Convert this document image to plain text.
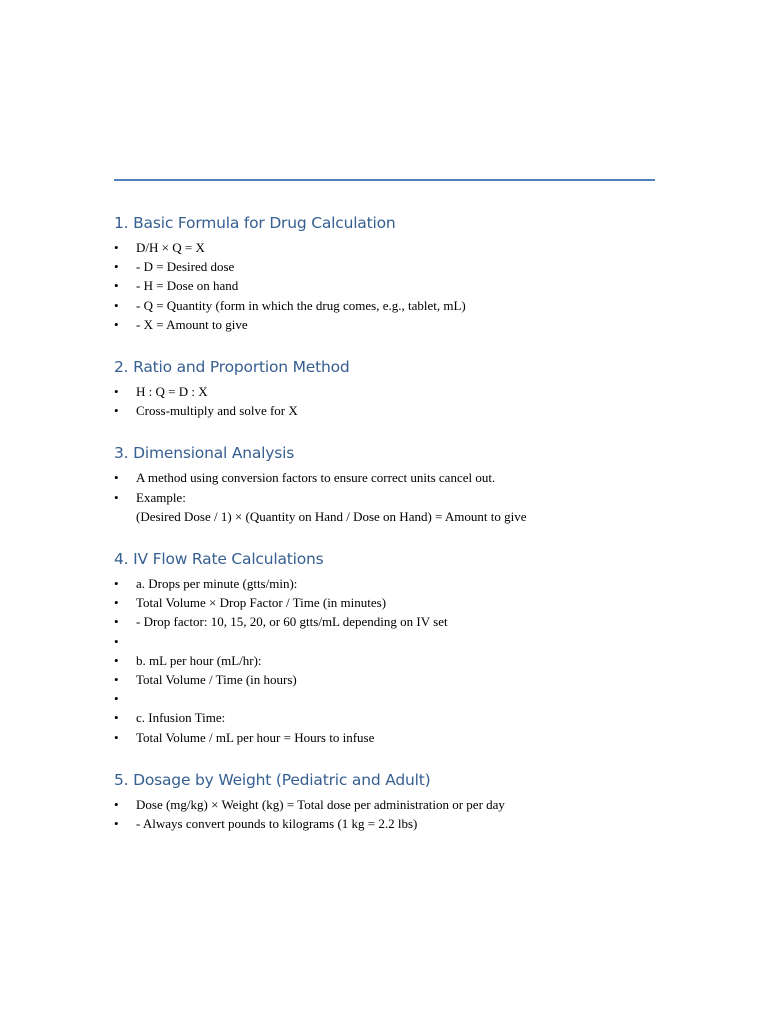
1. Basic Formula for Drug Calculation
• D/H × Q = X
• - D = Desired dose
• - H = Dose on hand
• - Q = Quantity (form in which the drug comes, e.g., tablet, mL)
• - X = Amount to give
2. Ratio and Proportion Method
• H : Q = D : X
• Cross-multiply and solve for X
3. Dimensional Analysis
• A method using conversion factors to ensure correct units cancel out.
• Example:
(Desired Dose / 1) × (Quantity on Hand / Dose on Hand) = Amount to give
4. IV Flow Rate Calculations
• a. Drops per minute (gtts/min):
• Total Volume × Drop Factor / Time (in minutes)
• - Drop factor: 10, 15, 20, or 60 gtts/mL depending on IV set
•
• b. mL per hour (mL/hr):
• Total Volume / Time (in hours)
•
• c. Infusion Time:
• Total Volume / mL per hour = Hours to infuse
5. Dosage by Weight (Pediatric and Adult)
• Dose (mg/kg) × Weight (kg) = Total dose per administration or per day
• - Always convert pounds to kilograms (1 kg = 2.2 lbs)
